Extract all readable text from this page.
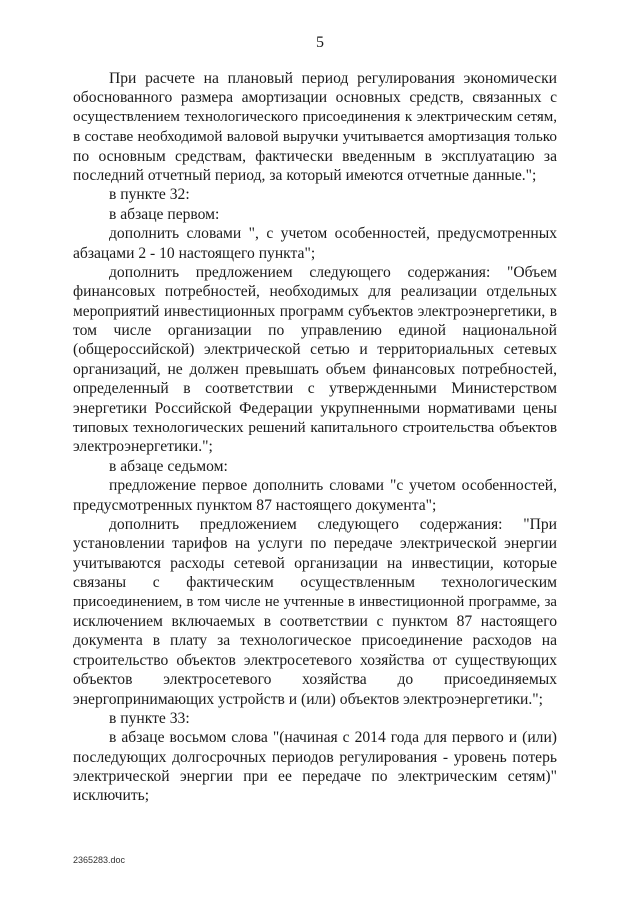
5
При расчете на плановый период регулирования экономически
обоснованного размера амортизации основных средств, связанных с
осуществлением технологического присоединения к электрическим сетям,
в составе необходимой валовой выручки учитывается амортизация только
по основным средствам, фактически введенным в эксплуатацию за
последний отчетный период, за который имеются отчетные данные.";
в пункте 32:
в абзаце первом:
дополнить словами ", с учетом особенностей, предусмотренных
абзацами 2 - 10 настоящего пункта";
дополнить предложением следующего содержания: "Объем
финансовых потребностей, необходимых для реализации отдельных
мероприятий инвестиционных программ субъектов электроэнергетики, в
том числе организации по управлению единой национальной
(общероссийской) электрической сетью и территориальных сетевых
организаций, не должен превышать объем финансовых потребностей,
определенный в соответствии с утвержденными Министерством
энергетики Российской Федерации укрупненными нормативами цены
типовых технологических решений капитального строительства объектов
электроэнергетики.";
в абзаце седьмом:
предложение первое дополнить словами "с учетом особенностей,
предусмотренных пунктом 87 настоящего документа";
дополнить предложением следующего содержания: "При
установлении тарифов на услуги по передаче электрической энергии
учитываются расходы сетевой организации на инвестиции, которые
связаны с фактическим осуществленным технологическим
присоединением, в том числе не учтенные в инвестиционной программе, за
исключением включаемых в соответствии с пунктом 87 настоящего
документа в плату за технологическое присоединение расходов на
строительство объектов электросетевого хозяйства от существующих
объектов электросетевого хозяйства до присоединяемых
энергопринимающих устройств и (или) объектов электроэнергетики.";
в пункте 33:
в абзаце восьмом слова "(начиная с 2014 года для первого и (или)
последующих долгосрочных периодов регулирования - уровень потерь
электрической энергии при ее передаче по электрическим сетям)"
исключить;
2365283.doc
